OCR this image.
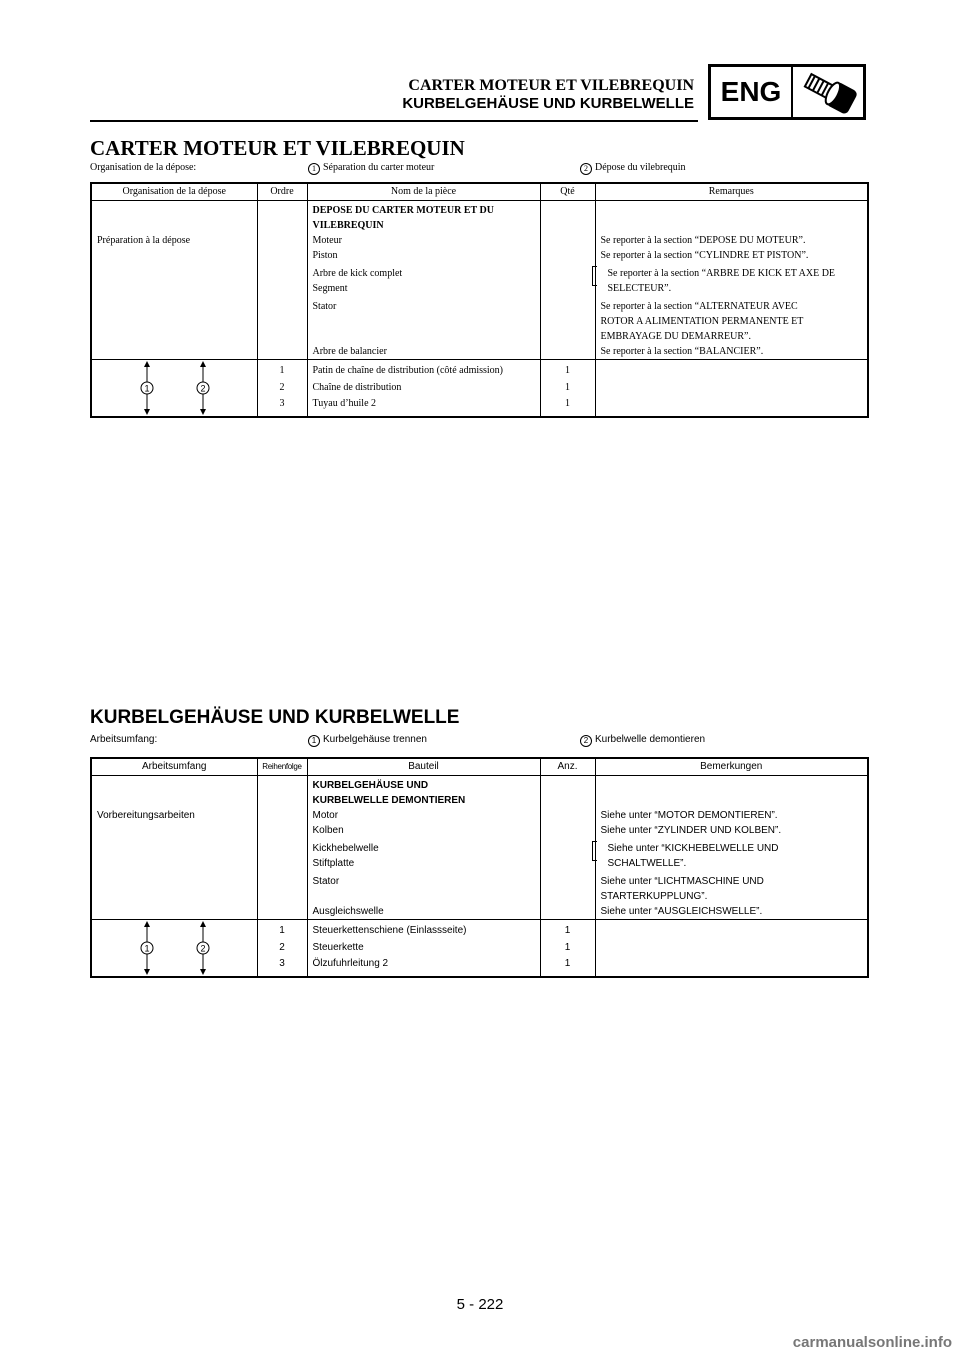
CARTER MOTEUR ET VILEBREQUIN
KURBELGEHÄUSE UND KURBELWELLE ENG
CARTER MOTEUR ET VILEBREQUIN
Organisation de la dépose:	1 Séparation du carter moteur	2 Dépose du vilebrequin
Organisation de la dépose	Ordre	Nom de la pièce	Qté	Remarques
		DEPOSE DU CARTER MOTEUR ET DU
VILEBREQUIN		
Préparation à la dépose		Moteur		Se reporter à la section “DEPOSE DU MOTEUR”.
		Piston		Se reporter à la section “CYLINDRE ET PISTON”.
		Arbre de kick complet		Se reporter à la section “ARBRE DE KICK ET AXE DE
		Segment		SELECTEUR”.
		Stator		Se reporter à la section “ALTERNATEUR AVEC
				ROTOR A ALIMENTATION PERMANENTE ET
				EMBRAYAGE DU DEMARREUR”.
		Arbre de balancier		Se reporter à la section “BALANCIER”.

1 2	1	Patin de chaîne de distribution (côté admission)	1	
	2	Chaîne de distribution	1	
	3	Tuyau d’huile 2	1	
KURBELGEHÄUSE UND KURBELWELLE
Arbeitsumfang:	1 Kurbelgehäuse trennen	2 Kurbelwelle demontieren
Arbeitsumfang	Reihenfolge	Bauteil	Anz.	Bemerkungen
		KURBELGEHÄUSE UND
KURBELWELLE DEMONTIEREN		
Vorbereitungsarbeiten		Motor		Siehe unter “MOTOR DEMONTIEREN”.
		Kolben		Siehe unter “ZYLINDER UND KOLBEN”.
		Kickhebelwelle		Siehe unter “KICKHEBELWELLE UND
		Stiftplatte		SCHALTWELLE”.
		Stator		Siehe unter “LICHTMASCHINE UND
				STARTERKUPPLUNG”.
		Ausgleichswelle		Siehe unter “AUSGLEICHSWELLE”.

1 2	1	Steuerkettenschiene (Einlassseite)	1	
	2	Steuerkette	1	
	3	Ölzufuhrleitung 2	1	
5 - 222
carmanualsonline.info
